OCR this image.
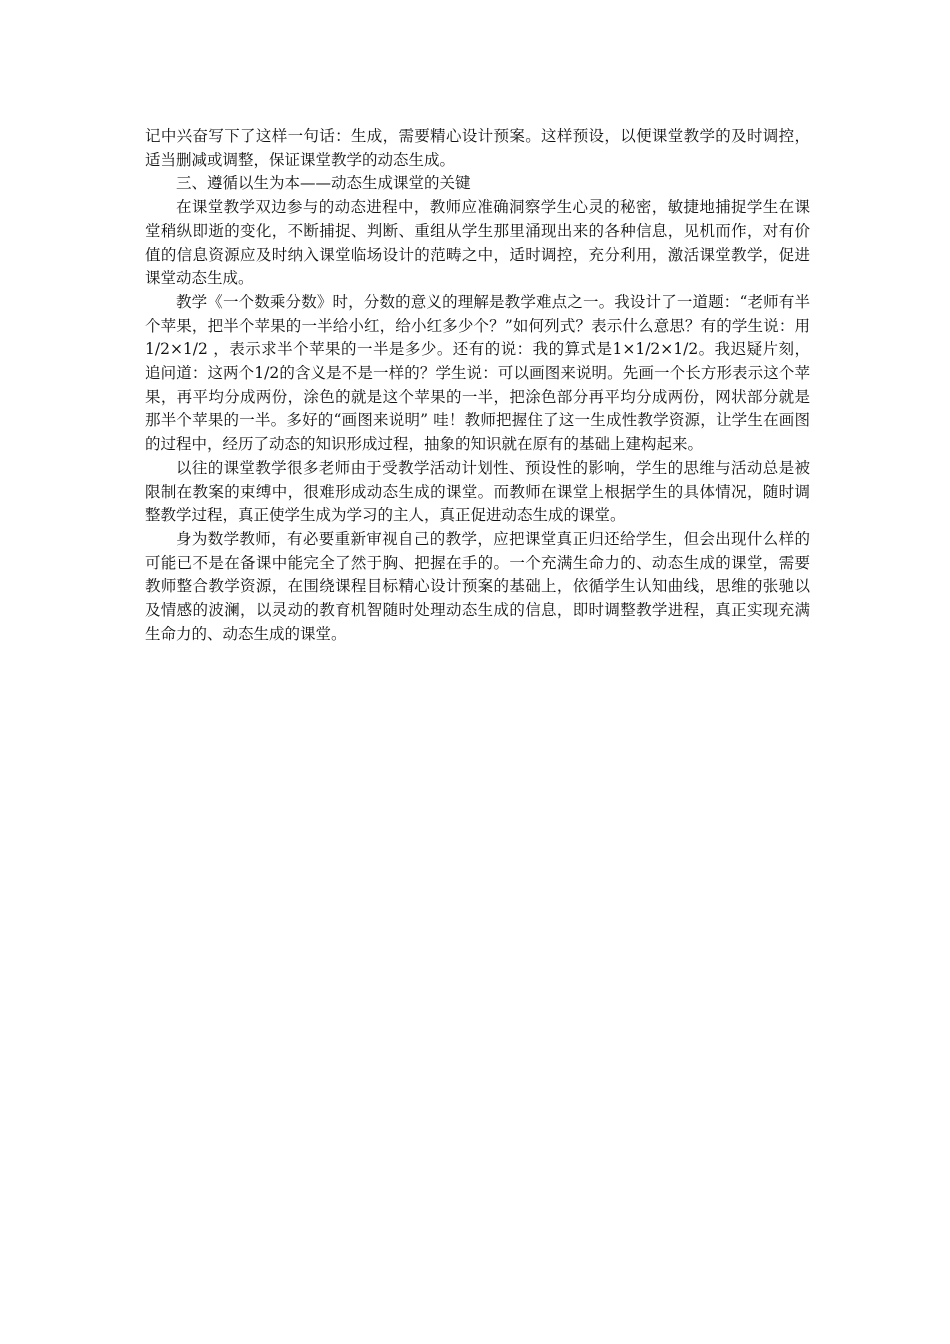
记中兴奋写下了这样一句话：生成，需要精心设计预案。这样预设，以便课堂教学的及时调控，适当删减或调整，保证课堂教学的动态生成。

三、遵循以生为本——动态生成课堂的关键

在课堂教学双边参与的动态进程中，教师应准确洞察学生心灵的秘密，敏捷地捕捉学生在课堂稍纵即逝的变化，不断捕捉、判断、重组从学生那里涌现出来的各种信息，见机而作，对有价值的信息资源应及时纳入课堂临场设计的范畴之中，适时调控，充分利用，激活课堂教学，促进课堂动态生成。

教学《一个数乘分数》时，分数的意义的理解是教学难点之一。我设计了一道题：“老师有半个苹果，把半个苹果的一半给小红，给小红多少个？”如何列式？表示什么意思？有的学生说：用1/2×1/2 ，表示求半个苹果的一半是多少。还有的说：我的算式是1×1/2×1/2。我迟疑片刻，追问道：这两个1/2的含义是不是一样的？学生说：可以画图来说明。先画一个长方形表示这个苹果，再平均分成两份，涂色的就是这个苹果的一半，把涂色部分再平均分成两份，网状部分就是那半个苹果的一半。多好的“画图来说明” 哇！教师把握住了这一生成性教学资源，让学生在画图的过程中，经历了动态的知识形成过程，抽象的知识就在原有的基础上建构起来。

以往的课堂教学很多老师由于受教学活动计划性、预设性的影响，学生的思维与活动总是被限制在教案的束缚中，很难形成动态生成的课堂。而教师在课堂上根据学生的具体情况，随时调整教学过程，真正使学生成为学习的主人，真正促进动态生成的课堂。

身为数学教师，有必要重新审视自己的教学，应把课堂真正归还给学生，但会出现什么样的可能已不是在备课中能完全了然于胸、把握在手的。一个充满生命力的、动态生成的课堂，需要教师整合教学资源，在围绕课程目标精心设计预案的基础上，依循学生认知曲线，思维的张驰以及情感的波澜，以灵动的教育机智随时处理动态生成的信息，即时调整教学进程，真正实现充满生命力的、动态生成的课堂。
